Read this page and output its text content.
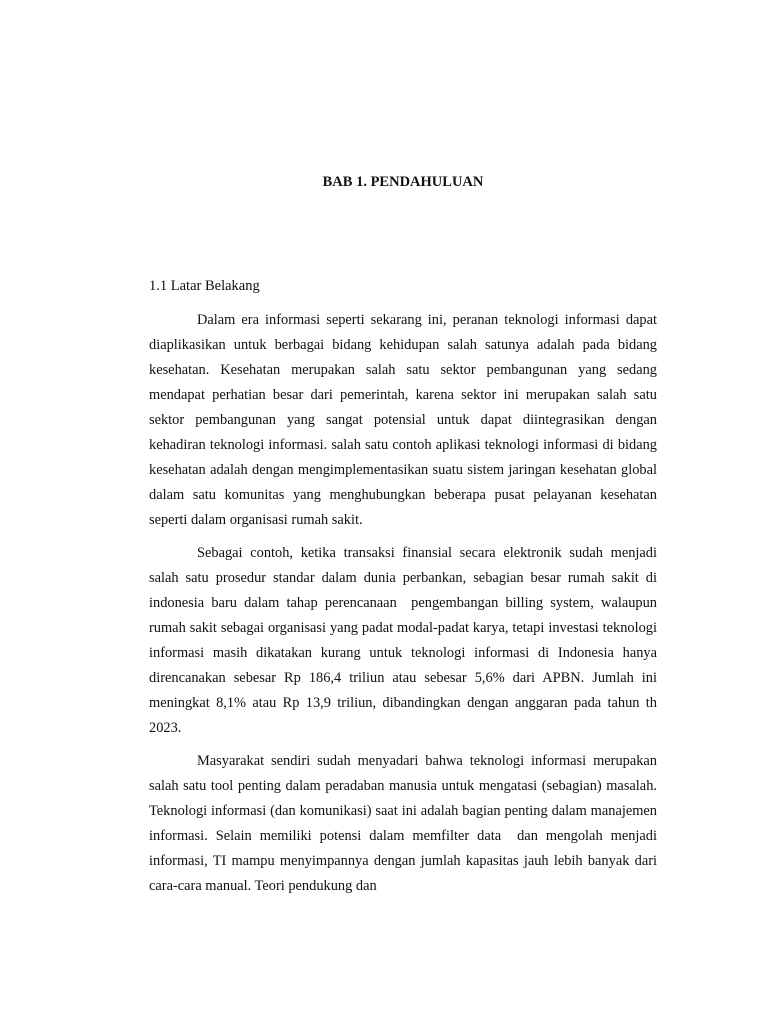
BAB 1. PENDAHULUAN
1.1 Latar Belakang

Dalam era informasi seperti sekarang ini, peranan teknologi informasi dapat diaplikasikan untuk berbagai bidang kehidupan salah satunya adalah pada bidang kesehatan. Kesehatan merupakan salah satu sektor pembangunan yang sedang mendapat perhatian besar dari pemerintah, karena sektor ini merupakan salah satu sektor pembangunan yang sangat potensial untuk dapat diintegrasikan dengan kehadiran teknologi informasi. salah satu contoh aplikasi teknologi informasi di bidang kesehatan adalah dengan mengimplementasikan suatu sistem jaringan kesehatan global dalam satu komunitas yang menghubungkan beberapa pusat pelayanan kesehatan seperti dalam organisasi rumah sakit.

Sebagai contoh, ketika transaksi finansial secara elektronik sudah menjadi salah satu prosedur standar dalam dunia perbankan, sebagian besar rumah sakit di indonesia baru dalam tahap perencanaan  pengembangan billing system, walaupun rumah sakit sebagai organisasi yang padat modal-padat karya, tetapi investasi teknologi informasi masih dikatakan kurang untuk teknologi informasi di Indonesia hanya direncanakan sebesar Rp 186,4 triliun atau sebesar 5,6% dari APBN. Jumlah ini meningkat 8,1% atau Rp 13,9 triliun, dibandingkan dengan anggaran pada tahun th 2023.

Masyarakat sendiri sudah menyadari bahwa teknologi informasi merupakan salah satu tool penting dalam peradaban manusia untuk mengatasi (sebagian) masalah. Teknologi informasi (dan komunikasi) saat ini adalah bagian penting dalam manajemen informasi. Selain memiliki potensi dalam memfilter data  dan mengolah menjadi informasi, TI mampu menyimpannya dengan jumlah kapasitas jauh lebih banyak dari cara-cara manual. Teori pendukung dan
